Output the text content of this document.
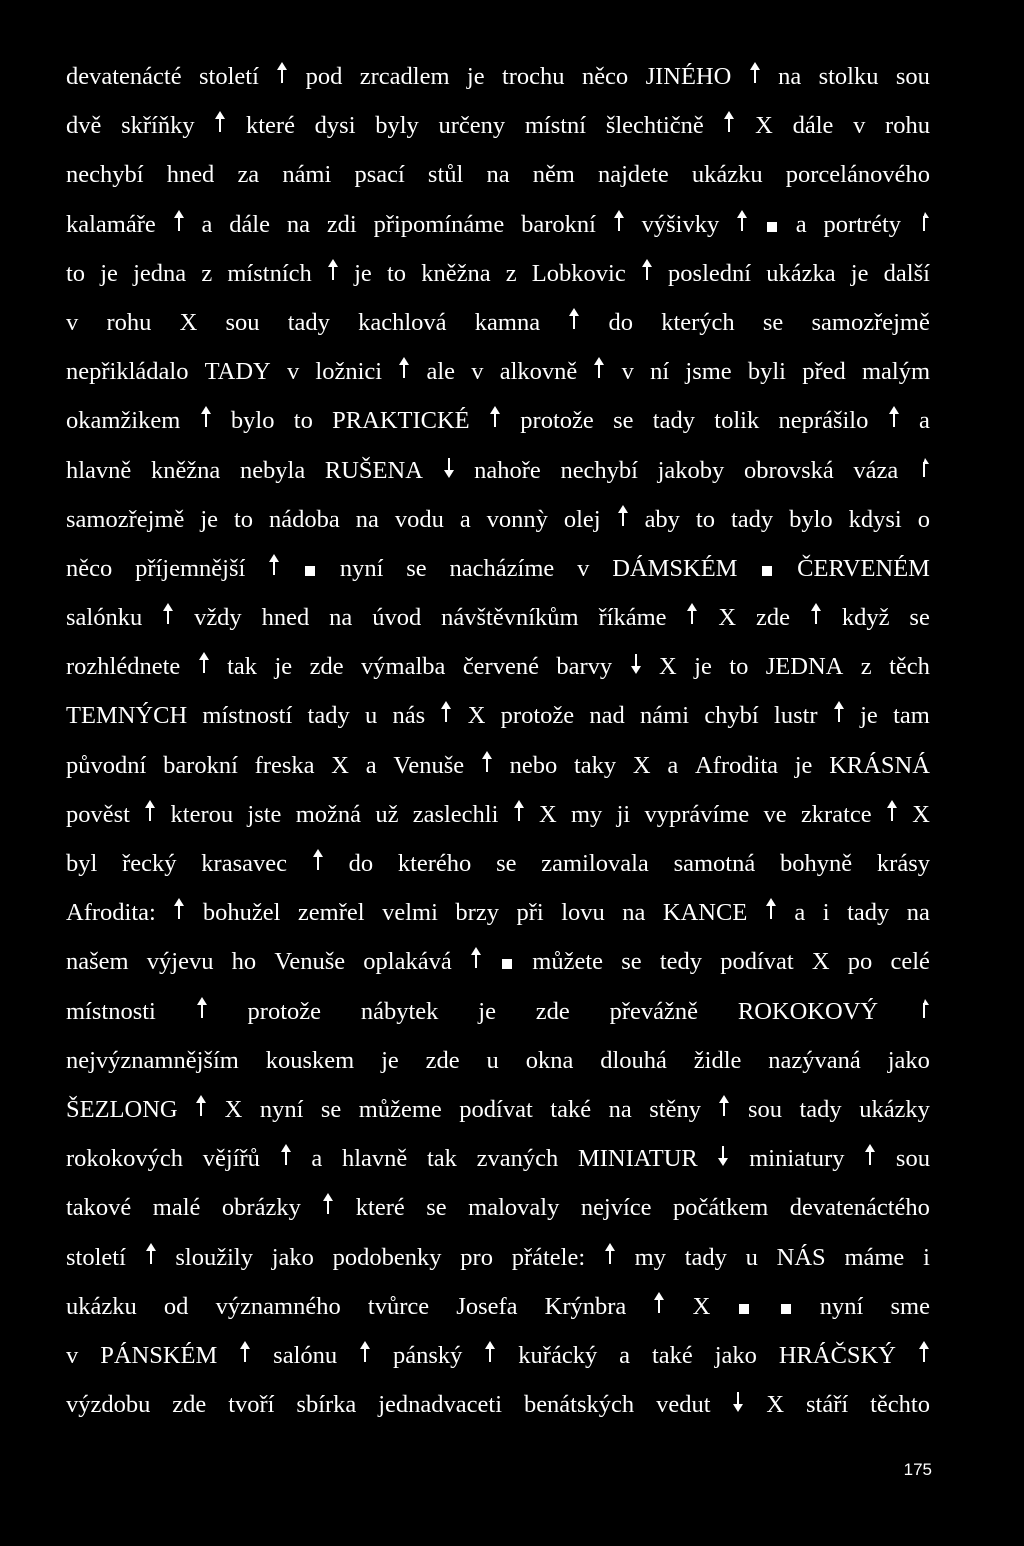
devatenácté století pod zrcadlem je trochu něco JINÉHO na stolku sou
dvě skříňky které dysi byly určeny místní šlechtičně X dále v rohu
nechybí hned za námi psací stůl na něm najdete ukázku porcelánového
kalamáře a dále na zdi připomínáme barokní výšivky	a portréty
to je jedna z místních je to kněžna z Lobkovic poslední ukázka je další
v rohu X sou tady kachlová kamna	do kterých se samozřejmě
nepřikládalo TADY v ložnici ale v alkovně v ní jsme byli před malým
okamžikem bylo to PRAKTICKÉ protože se tady tolik neprášilo a
hlavně kněžna nebyla RUŠENA nahoře nechybí jakoby obrovská váza
samozřejmě je to nádoba na vodu a vonnỳ olej aby to tady bylo kdysi o
něco příjemnější	nyní se nacházíme v DÁMSKÉM ČERVENÉM
salónku vždy hned na úvod návštěvníkům říkáme X zde když se
rozhlédnete tak je zde výmalba červené barvy X je to JEDNA z těch
TEMNÝCH místností tady u nás X protože nad námi chybí lustr je tam
původní barokní freska X a Venuše nebo taky X a Afrodita je KRÁSNÁ
pověst kterou jste možná už zaslechli X my ji vyprávíme ve zkratce X
byl řecký krasavec	do kterého se zamilovala samotná bohyně krásy
Afrodita: bohužel zemřel velmi brzy při lovu na KANCE a i tady na
našem výjevu ho Venuše oplakává	můžete se tedy podívat X po celé
místnosti	protože nábytek je zde převážně ROKOKOVÝ
nejvýznamnějším kouskem je zde u okna dlouhá židle nazývaná jako
ŠEZLONG X nyní se můžeme podívat také na stěny sou tady ukázky
rokokových vějířů a hlavně tak zvaných MINIATUR miniatury sou
takové malé obrázky které se malovaly nejvíce počátkem devatenáctého
století sloužily jako podobenky pro přátele: my tady u NÁS máme i
ukázku od významného tvůrce Josefa Krýnbra	X	nyní sme
v PÁNSKÉM salónu pánský kuřácký a také jako HRÁČSKÝ
výzdobu zde tvoří sbírka jednadvaceti benátských vedut X stáří těchto
175
